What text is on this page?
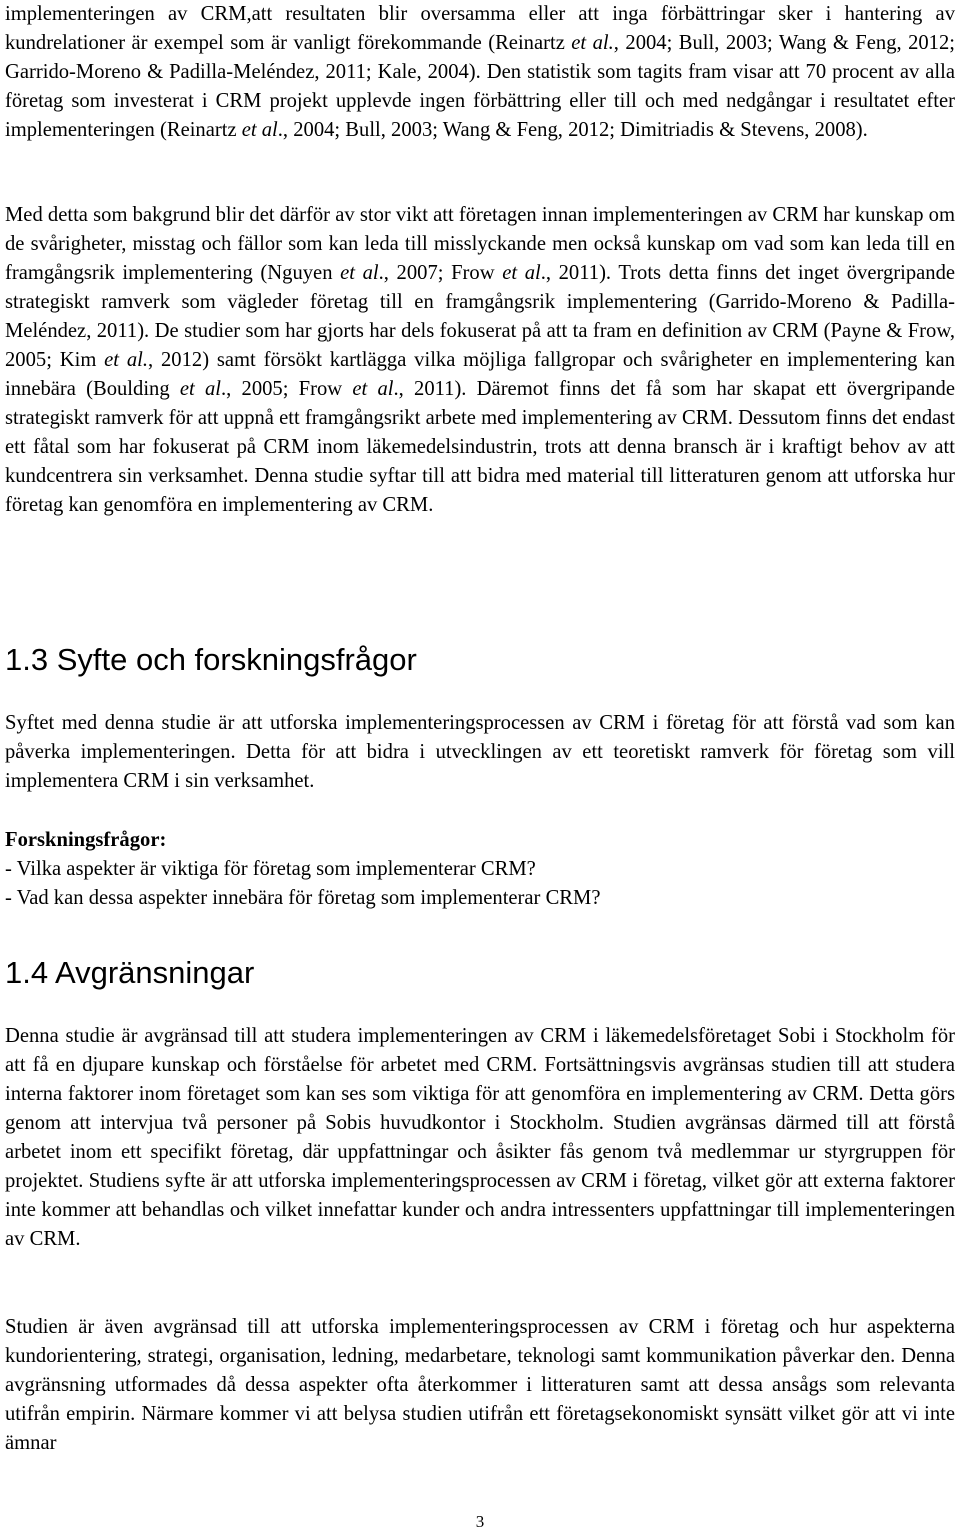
implementeringen av CRM,att resultaten blir oversamma eller att inga förbättringar sker i hantering av kundrelationer är exempel som är vanligt förekommande (Reinartz et al., 2004; Bull, 2003; Wang & Feng, 2012; Garrido-Moreno & Padilla-Meléndez, 2011; Kale, 2004). Den statistik som tagits fram visar att 70 procent av alla företag som investerat i CRM projekt upplevde ingen förbättring eller till och med nedgångar i resultatet efter implementeringen (Reinartz et al., 2004; Bull, 2003; Wang & Feng, 2012; Dimitriadis & Stevens, 2008).

Med detta som bakgrund blir det därför av stor vikt att företagen innan implementeringen av CRM har kunskap om de svårigheter, misstag och fällor som kan leda till misslyckande men också kunskap om vad som kan leda till en framgångsrik implementering (Nguyen et al., 2007; Frow et al., 2011). Trots detta finns det inget övergripande strategiskt ramverk som vägleder företag till en framgångsrik implementering (Garrido-Moreno & Padilla-Meléndez, 2011). De studier som har gjorts har dels fokuserat på att ta fram en definition av CRM (Payne & Frow, 2005; Kim et al., 2012) samt försökt kartlägga vilka möjliga fallgropar och svårigheter en implementering kan innebära (Boulding et al., 2005; Frow et al., 2011). Däremot finns det få som har skapat ett övergripande strategiskt ramverk för att uppnå ett framgångsrikt arbete med implementering av CRM. Dessutom finns det endast ett fåtal som har fokuserat på CRM inom läkemedelsindustrin, trots att denna bransch är i kraftigt behov av att kundcentrera sin verksamhet. Denna studie syftar till att bidra med material till litteraturen genom att utforska hur företag kan genomföra en implementering av CRM.

1.3 Syfte och forskningsfrågor

Syftet med denna studie är att utforska implementeringsprocessen av CRM i företag för att förstå vad som kan påverka implementeringen. Detta för att bidra i utvecklingen av ett teoretiskt ramverk för företag som vill implementera CRM i sin verksamhet.

Forskningsfrågor:

- Vilka aspekter är viktiga för företag som implementerar CRM?

- Vad kan dessa aspekter innebära för företag som implementerar CRM?

1.4 Avgränsningar

Denna studie är avgränsad till att studera implementeringen av CRM i läkemedelsföretaget Sobi i Stockholm för att få en djupare kunskap och förståelse för arbetet med CRM. Fortsättningsvis avgränsas studien till att studera interna faktorer inom företaget som kan ses som viktiga för att genomföra en implementering av CRM. Detta görs genom att intervjua två personer på Sobis huvudkontor i Stockholm. Studien avgränsas därmed till att förstå arbetet inom ett specifikt företag, där uppfattningar och åsikter fås genom två medlemmar ur styrgruppen för projektet. Studiens syfte är att utforska implementeringsprocessen av CRM i företag, vilket gör att externa faktorer inte kommer att behandlas och vilket innefattar kunder och andra intressenters uppfattningar till implementeringen av CRM.

Studien är även avgränsad till att utforska implementeringsprocessen av CRM i företag och hur aspekterna kundorientering, strategi, organisation, ledning, medarbetare, teknologi samt kommunikation påverkar den. Denna avgränsning utformades då dessa aspekter ofta återkommer i litteraturen samt att dessa ansågs som relevanta utifrån empirin. Närmare kommer vi att belysa studien utifrån ett företagsekonomiskt synsätt vilket gör att vi inte ämnar

3
